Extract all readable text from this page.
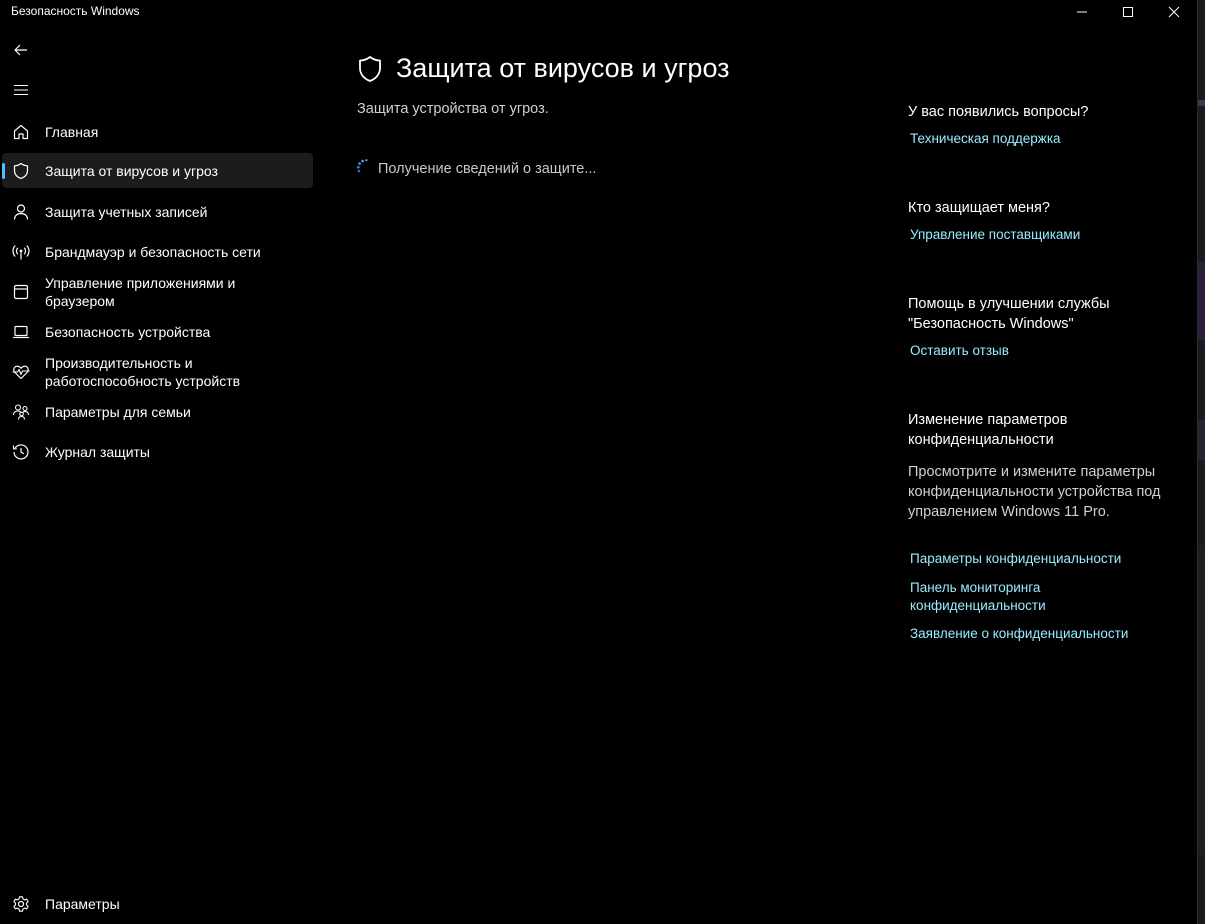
Безопасность Windows
Главная
Защита от вирусов и угроз
Защита учетных записей
Брандмауэр и безопасность сети
Управление приложениями и браузером
Безопасность устройства
Производительность и работоспособность устройств
Параметры для семьи
Журнал защиты
Параметры
Защита от вирусов и угроз
Защита устройства от угроз.
Получение сведений о защите...
У вас появились вопросы?
Техническая поддержка
Кто защищает меня?
Управление поставщиками
Помощь в улучшении службы "Безопасность Windows"
Оставить отзыв
Изменение параметров конфиденциальности
Просмотрите и измените параметры конфиденциальности устройства под управлением Windows 11 Pro.
Параметры конфиденциальности
Панель мониторинга конфиденциальности
Заявление о конфиденциальности
